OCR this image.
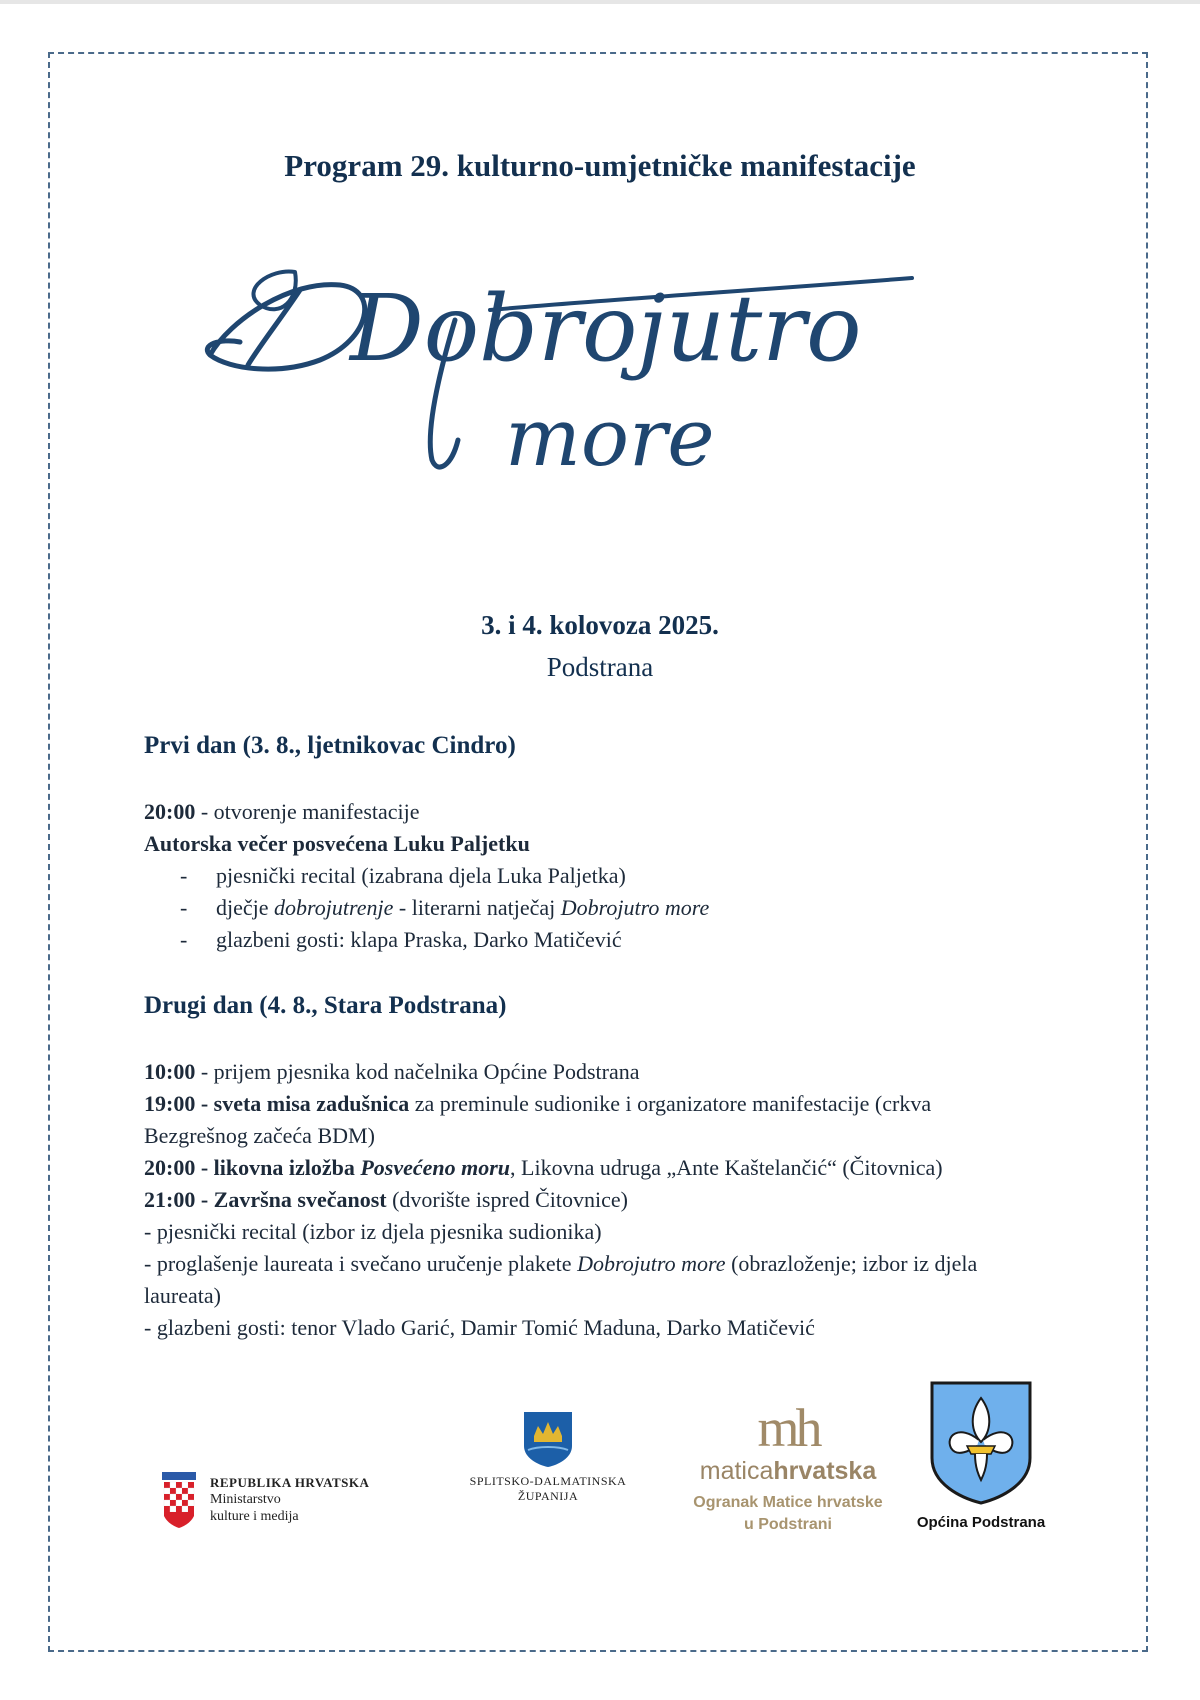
Program 29. kulturno-umjetničke manifestacije
Dobrojutro
more
3. i 4. kolovoza 2025.
Podstrana

Prvi dan (3. 8., ljetnikovac Cindro)

20:00 - otvorenje manifestacije

Autorska večer posvećena Luku Paljetku

- pjesnički recital (izabrana djela Luka Paljetka)
- dječje dobrojutrenje - literarni natječaj Dobrojutro more
- glazbeni gosti: klapa Praska, Darko Matičević

Drugi dan (4. 8., Stara Podstrana)

10:00 - prijem pjesnika kod načelnika Općine Podstrana

19:00 - sveta misa zadušnica za preminule sudionike i organizatore manifestacije (crkva Bezgrešnog začeća BDM)

20:00 - likovna izložba Posvećeno moru, Likovna udruga „Ante Kaštelančić“ (Čitovnica)

21:00 - Završna svečanost (dvorište ispred Čitovnice)

- pjesnički recital (izbor iz djela pjesnika sudionika)

- proglašenje laureata i svečano uručenje plakete Dobrojutro more (obrazloženje; izbor iz djela laureata)

- glazbeni gosti: tenor Vlado Garić, Damir Tomić Maduna, Darko Matičević

REPUBLIKA HRVATSKA
Ministarstvo
kulture i medija
SPLITSKO-DALMATINSKA
ŽUPANIJA
mh
maticahrvatska
Ogranak Matice hrvatske
u Podstrani	Općina Podstrana
